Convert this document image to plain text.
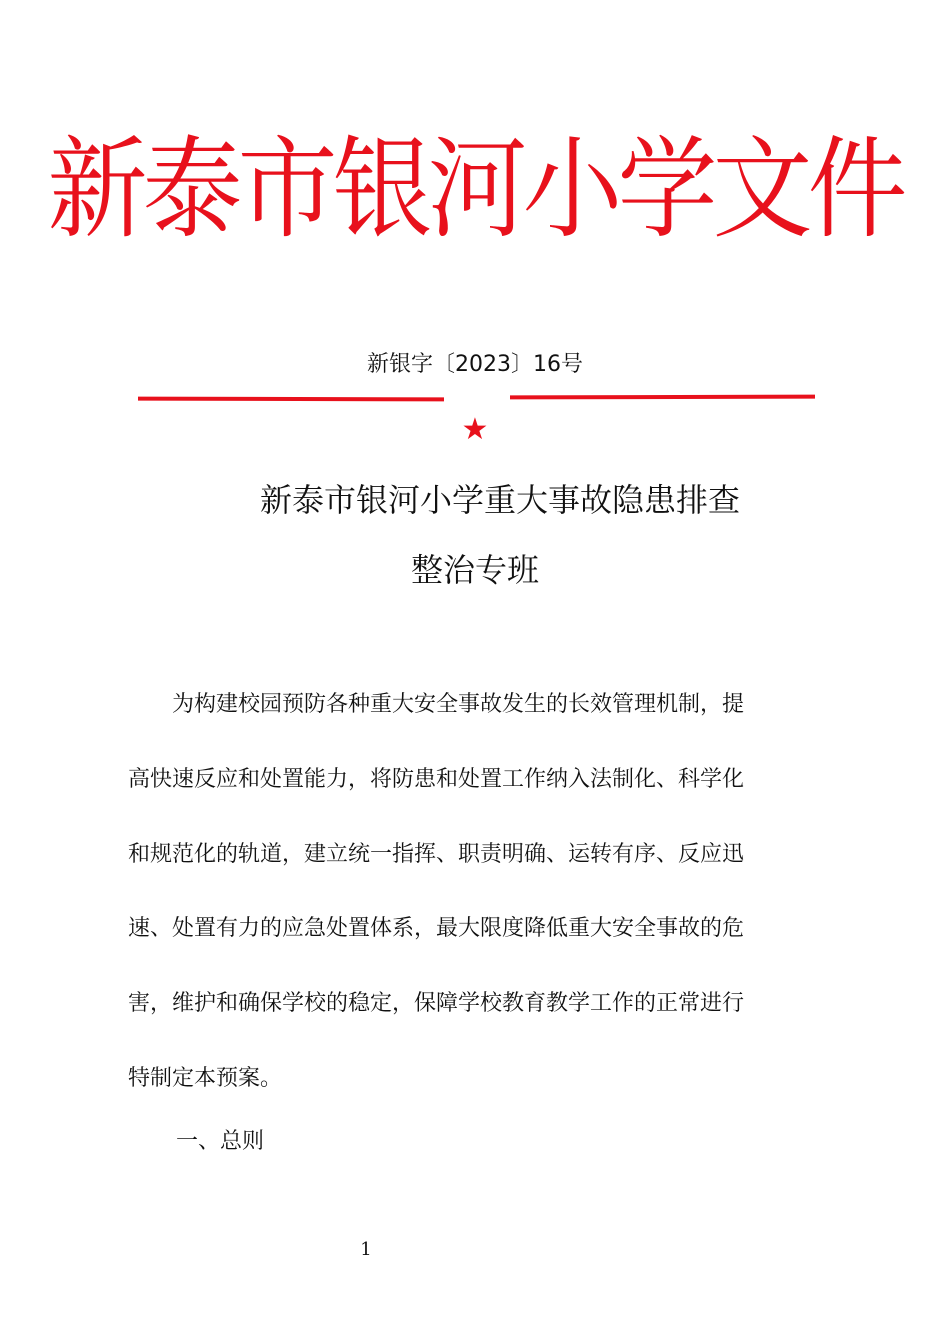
新泰市银河小学文件
新银字〔2023〕16号
★
新泰市银河小学重大事故隐患排查
整治专班
为构建校园预防各种重大安全事故发生的长效管理机制，提
高快速反应和处置能力，将防患和处置工作纳入法制化、科学化
和规范化的轨道，建立统一指挥、职责明确、运转有序、反应迅
速、处置有力的应急处置体系，最大限度降低重大安全事故的危
害，维护和确保学校的稳定，保障学校教育教学工作的正常进行
特制定本预案。
一、总则
1
